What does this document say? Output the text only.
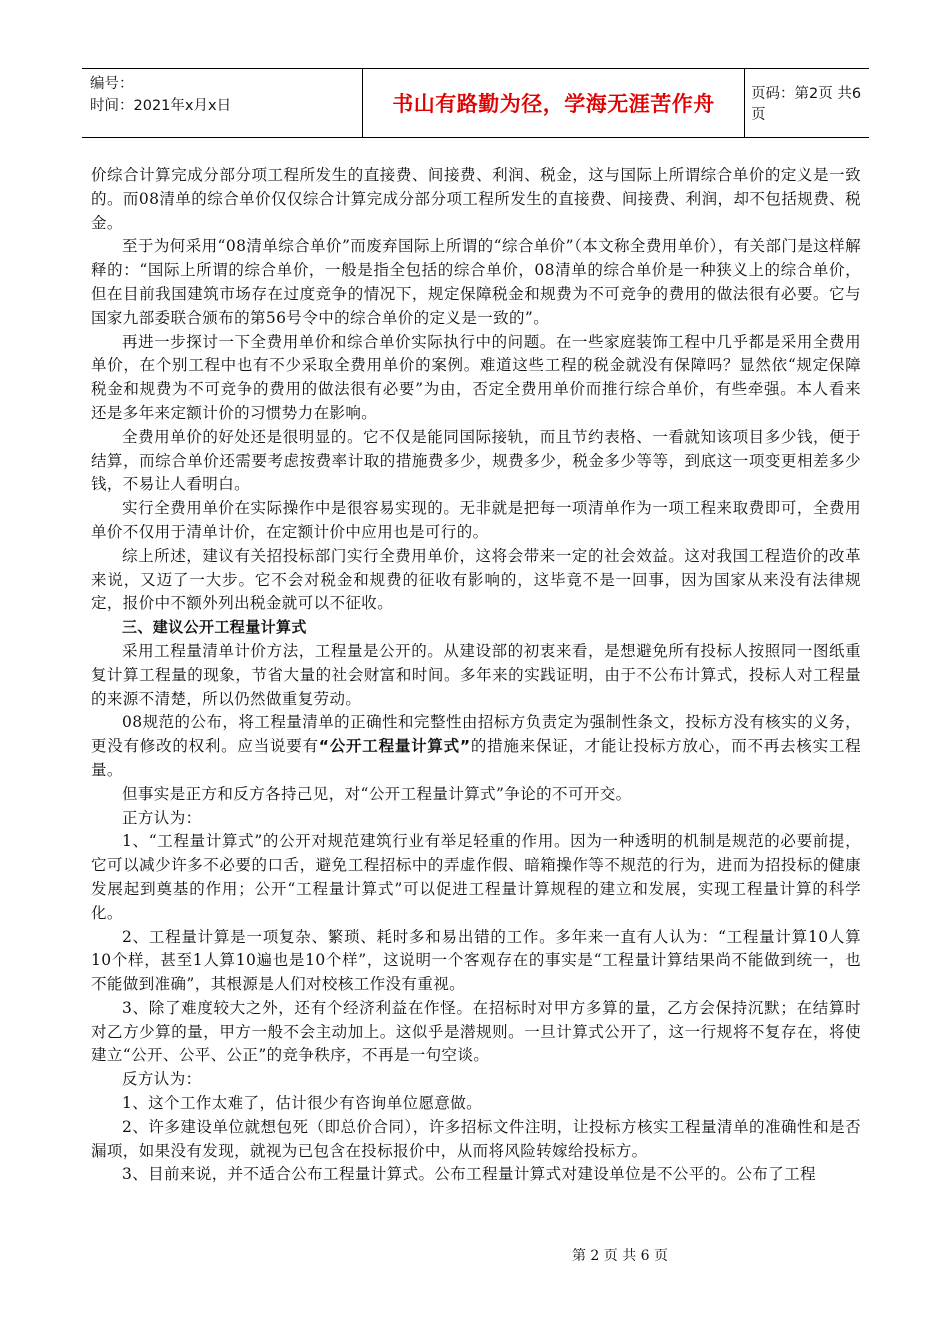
编号：
时间：2021年x月x日	书山有路勤为径，学海无涯苦作舟	页码：第2页 共6页

价综合计算完成分部分项工程所发生的直接费、间接费、利润、税金，这与国际上所谓综合单价的定义是一致的。而08清单的综合单价仅仅综合计算完成分部分项工程所发生的直接费、间接费、利润，却不包括规费、税金。

至于为何采用“08清单综合单价”而废弃国际上所谓的“综合单价”（本文称全费用单价），有关部门是这样解释的：“国际上所谓的综合单价，一般是指全包括的综合单价，08清单的综合单价是一种狭义上的综合单价，但在目前我国建筑市场存在过度竞争的情况下，规定保障税金和规费为不可竞争的费用的做法很有必要。它与国家九部委联合颁布的第56号令中的综合单价的定义是一致的”。

再进一步探讨一下全费用单价和综合单价实际执行中的问题。在一些家庭装饰工程中几乎都是采用全费用单价，在个别工程中也有不少采取全费用单价的案例。难道这些工程的税金就没有保障吗？显然依“规定保障税金和规费为不可竞争的费用的做法很有必要”为由，否定全费用单价而推行综合单价，有些牵强。本人看来还是多年来定额计价的习惯势力在影响。

全费用单价的好处还是很明显的。它不仅是能同国际接轨，而且节约表格、一看就知该项目多少钱，便于结算，而综合单价还需要考虑按费率计取的措施费多少，规费多少，税金多少等等，到底这一项变更相差多少钱，不易让人看明白。

实行全费用单价在实际操作中是很容易实现的。无非就是把每一项清单作为一项工程来取费即可，全费用单价不仅用于清单计价，在定额计价中应用也是可行的。

综上所述，建议有关招投标部门实行全费用单价，这将会带来一定的社会效益。这对我国工程造价的改革来说，又迈了一大步。它不会对税金和规费的征收有影响的，这毕竟不是一回事，因为国家从来没有法律规定，报价中不额外列出税金就可以不征收。

三、建议公开工程量计算式

采用工程量清单计价方法，工程量是公开的。从建设部的初衷来看，是想避免所有投标人按照同一图纸重复计算工程量的现象，节省大量的社会财富和时间。多年来的实践证明，由于不公布计算式，投标人对工程量的来源不清楚，所以仍然做重复劳动。

08规范的公布，将工程量清单的正确性和完整性由招标方负责定为强制性条文，投标方没有核实的义务，更没有修改的权利。应当说要有“公开工程量计算式”的措施来保证，才能让投标方放心，而不再去核实工程量。

但事实是正方和反方各持己见，对“公开工程量计算式”争论的不可开交。

正方认为：

1、“工程量计算式”的公开对规范建筑行业有举足轻重的作用。因为一种透明的机制是规范的必要前提，它可以减少许多不必要的口舌，避免工程招标中的弄虚作假、暗箱操作等不规范的行为，进而为招投标的健康发展起到奠基的作用；公开“工程量计算式”可以促进工程量计算规程的建立和发展，实现工程量计算的科学化。

2、工程量计算是一项复杂、繁琐、耗时多和易出错的工作。多年来一直有人认为：“工程量计算10人算10个样，甚至1人算10遍也是10个样”，这说明一个客观存在的事实是“工程量计算结果尚不能做到统一，也不能做到准确”，其根源是人们对校核工作没有重视。

3、除了难度较大之外，还有个经济利益在作怪。在招标时对甲方多算的量，乙方会保持沉默；在结算时对乙方少算的量，甲方一般不会主动加上。这似乎是潜规则。一旦计算式公开了，这一行规将不复存在，将使建立“公开、公平、公正”的竞争秩序，不再是一句空谈。

反方认为：

1、这个工作太难了，估计很少有咨询单位愿意做。

2、许多建设单位就想包死（即总价合同），许多招标文件注明，让投标方核实工程量清单的准确性和是否漏项，如果没有发现，就视为已包含在投标报价中，从而将风险转嫁给投标方。

3、目前来说，并不适合公布工程量计算式。公布工程量计算式对建设单位是不公平的。公布了工程

第 2 页 共 6 页
